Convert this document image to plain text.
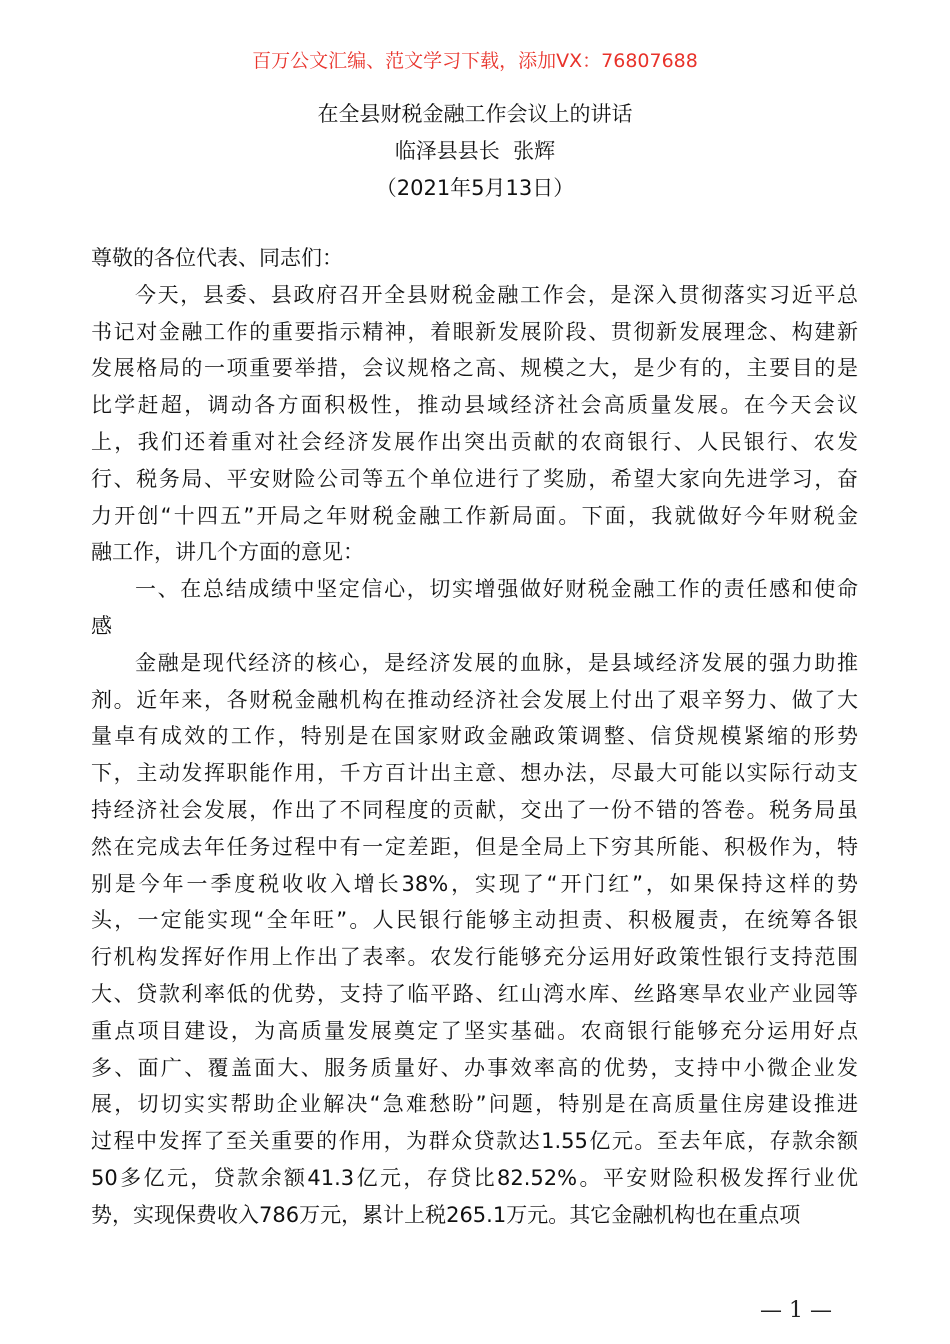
百万公文汇编、范文学习下载，添加VX：76807688
在全县财税金融工作会议上的讲话
临泽县县长  张辉
（2021年5月13日）
尊敬的各位代表、同志们：
今天，县委、县政府召开全县财税金融工作会，是深入贯彻落实习近平总
书记对金融工作的重要指示精神，着眼新发展阶段、贯彻新发展理念、构建新
发展格局的一项重要举措，会议规格之高、规模之大，是少有的，主要目的是
比学赶超，调动各方面积极性，推动县域经济社会高质量发展。在今天会议
上，我们还着重对社会经济发展作出突出贡献的农商银行、人民银行、农发
行、税务局、平安财险公司等五个单位进行了奖励，希望大家向先进学习，奋
力开创“十四五”开局之年财税金融工作新局面。下面，我就做好今年财税金
融工作，讲几个方面的意见：
一、在总结成绩中坚定信心，切实增强做好财税金融工作的责任感和使命
感
金融是现代经济的核心，是经济发展的血脉，是县域经济发展的强力助推
剂。近年来，各财税金融机构在推动经济社会发展上付出了艰辛努力、做了大
量卓有成效的工作，特别是在国家财政金融政策调整、信贷规模紧缩的形势
下，主动发挥职能作用，千方百计出主意、想办法，尽最大可能以实际行动支
持经济社会发展，作出了不同程度的贡献，交出了一份不错的答卷。税务局虽
然在完成去年任务过程中有一定差距，但是全局上下穷其所能、积极作为，特
别是今年一季度税收收入增长38%，实现了“开门红”，如果保持这样的势
头，一定能实现“全年旺”。人民银行能够主动担责、积极履责，在统筹各银
行机构发挥好作用上作出了表率。农发行能够充分运用好政策性银行支持范围
大、贷款利率低的优势，支持了临平路、红山湾水库、丝路寒旱农业产业园等
重点项目建设，为高质量发展奠定了坚实基础。农商银行能够充分运用好点
多、面广、覆盖面大、服务质量好、办事效率高的优势，支持中小微企业发
展，切切实实帮助企业解决“急难愁盼”问题，特别是在高质量住房建设推进
过程中发挥了至关重要的作用，为群众贷款达1.55亿元。至去年底，存款余额
50多亿元，贷款余额41.3亿元，存贷比82.52%。平安财险积极发挥行业优
势，实现保费收入786万元，累计上税265.1万元。其它金融机构也在重点项
— 1 —
